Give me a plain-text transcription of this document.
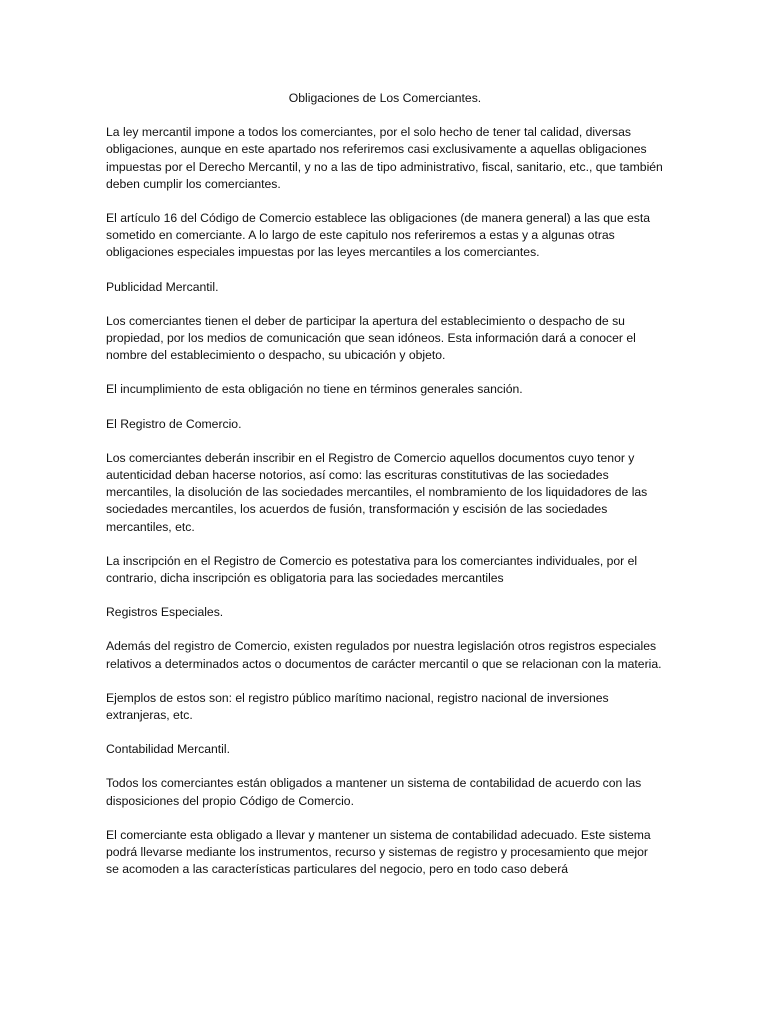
Obligaciones de Los Comerciantes.
La ley mercantil impone a todos los comerciantes, por el solo hecho de tener tal calidad, diversas obligaciones, aunque en este apartado nos referiremos casi exclusivamente a aquellas obligaciones impuestas por el Derecho Mercantil, y no a las de tipo administrativo, fiscal, sanitario, etc., que también deben cumplir los comerciantes.
El artículo 16 del Código de Comercio establece las obligaciones (de manera general) a las que esta sometido en comerciante. A lo largo de este capitulo nos referiremos a estas y a algunas otras obligaciones especiales impuestas por las leyes mercantiles a los comerciantes.
Publicidad Mercantil.
Los comerciantes tienen el deber de participar la apertura del establecimiento o despacho de su propiedad, por los medios de comunicación que sean idóneos. Esta información dará a conocer el nombre del establecimiento o despacho, su ubicación y objeto.
El incumplimiento de esta obligación no tiene en términos generales sanción.
El Registro de Comercio.
Los comerciantes deberán inscribir en el Registro de Comercio aquellos documentos cuyo tenor y autenticidad deban hacerse notorios, así como: las escrituras constitutivas de las sociedades mercantiles, la disolución de las sociedades mercantiles, el nombramiento de los liquidadores de las sociedades mercantiles, los acuerdos de fusión, transformación y escisión de las sociedades mercantiles, etc.
La inscripción en el Registro de Comercio es potestativa para los comerciantes individuales, por el contrario, dicha inscripción es obligatoria para las sociedades mercantiles
Registros Especiales.
Además del registro de Comercio, existen regulados por nuestra legislación otros registros especiales relativos a determinados actos o documentos de carácter mercantil o que se relacionan con la materia.
Ejemplos de estos son: el registro público marítimo nacional, registro nacional de inversiones extranjeras, etc.
Contabilidad Mercantil.
Todos los comerciantes están obligados a mantener un sistema de contabilidad de acuerdo con las disposiciones del propio Código de Comercio.
El comerciante esta obligado a llevar y mantener un sistema de contabilidad adecuado. Este sistema podrá llevarse mediante los instrumentos, recurso y sistemas de registro y procesamiento que mejor se acomoden a las características particulares del negocio, pero en todo caso deberá
